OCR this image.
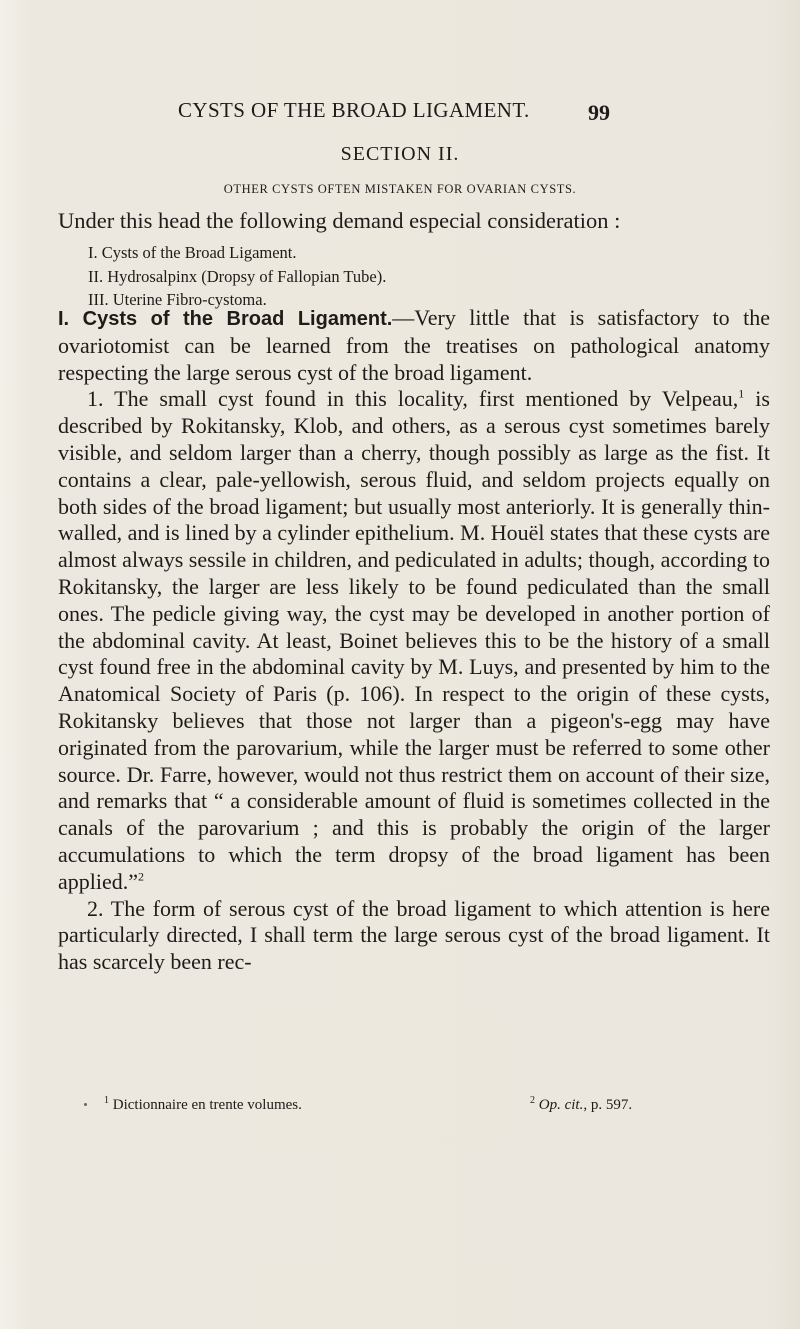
CYSTS OF THE BROAD LIGAMENT.	99
SECTION II.
OTHER CYSTS OFTEN MISTAKEN FOR OVARIAN CYSTS.
Under this head the following demand especial consideration :
I. Cysts of the Broad Ligament.
II. Hydrosalpinx (Dropsy of Fallopian Tube).
III. Uterine Fibro-cystoma.

I. Cysts of the Broad Ligament.—Very little that is satisfactory to the ovariotomist can be learned from the treatises on pathological anatomy respecting the large serous cyst of the broad ligament.

1. The small cyst found in this locality, first mentioned by Velpeau,$^1$ is described by Rokitansky, Klob, and others, as a serous cyst sometimes barely visible, and seldom larger than a cherry, though possibly as large as the fist. It contains a clear, pale-yellowish, serous fluid, and seldom projects equally on both sides of the broad ligament; but usually most anteriorly. It is generally thin-walled, and is lined by a cylinder epithelium. M. Houël states that these cysts are almost always sessile in children, and pediculated in adults; though, according to Rokitansky, the larger are less likely to be found pediculated than the small ones. The pedicle giving way, the cyst may be developed in another portion of the abdominal cavity. At least, Boinet believes this to be the history of a small cyst found free in the abdominal cavity by M. Luys, and presented by him to the Anatomical Society of Paris (p. 106). In respect to the origin of these cysts, Rokitansky believes that those not larger than a pigeon's-egg may have originated from the parovarium, while the larger must be referred to some other source. Dr. Farre, however, would not thus restrict them on account of their size, and remarks that “ a considerable amount of fluid is sometimes collected in the canals of the parovarium ; and this is probably the origin of the larger accumulations to which the term dropsy of the broad ligament has been applied.”$^2$

2. The form of serous cyst of the broad ligament to which attention is here particularly directed, I shall term the large serous cyst of the broad ligament. It has scarcely been rec-

$^1$ Dictionnaire en trente volumes.	$^2$ Op. cit., p. 597.
